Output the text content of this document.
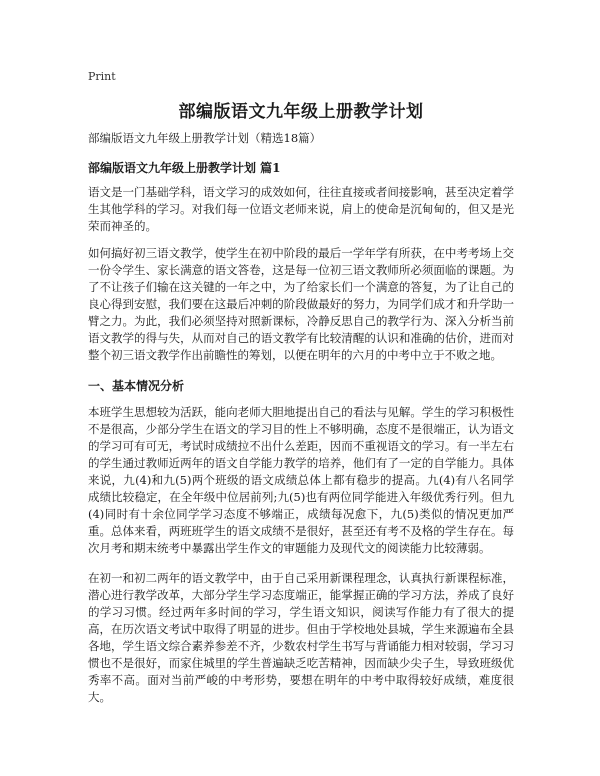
Print
部编版语文九年级上册教学计划
部编版语文九年级上册教学计划（精选18篇）
部编版语文九年级上册教学计划 篇1

语文是一门基础学科，语文学习的成效如何，往往直接或者间接影响，甚至决定着学生其他学科的学习。对我们每一位语文老师来说，肩上的使命是沉甸甸的，但又是光荣而神圣的。

如何搞好初三语文教学，使学生在初中阶段的最后一学年学有所获，在中考考场上交一份令学生、家长满意的语文答卷，这是每一位初三语文教师所必须面临的课题。为了不让孩子们输在这关键的一年之中，为了给家长们一个满意的答复，为了让自己的良心得到安慰，我们要在这最后冲刺的阶段做最好的努力，为同学们成才和升学助一臂之力。为此，我们必须坚持对照新课标，冷静反思自己的教学行为、深入分析当前语文教学的得与失，从而对自己的语文教学有比较清醒的认识和准确的估价，进而对整个初三语文教学作出前瞻性的筹划，以便在明年的六月的中考中立于不败之地。

一、基本情况分析

本班学生思想较为活跃，能向老师大胆地提出自己的看法与见解。学生的学习积极性不是很高，少部分学生在语文的学习目的性上不够明确，态度不是很端正，认为语文的学习可有可无，考试时成绩拉不出什么差距，因而不重视语文的学习。有一半左右的学生通过教师近两年的语文自学能力教学的培养，他们有了一定的自学能力。具体来说，九(4)和九(5)两个班级的语文成绩总体上都有稳步的提高。九(4)有八名同学成绩比较稳定，在全年级中位居前列;九(5)也有两位同学能进入年级优秀行列。但九(4)同时有十余位同学学习态度不够端正，成绩每况愈下，九(5)类似的情况更加严重。总体来看，两班班学生的语文成绩不是很好，甚至还有考不及格的学生存在。每次月考和期末统考中暴露出学生作文的审题能力及现代文的阅读能力比较薄弱。

在初一和初二两年的语文教学中，由于自己采用新课程理念，认真执行新课程标准，潜心进行教学改革，大部分学生学习态度端正，能掌握正确的学习方法，养成了良好的学习习惯。经过两年多时间的学习，学生语文知识，阅读写作能力有了很大的提高，在历次语文考试中取得了明显的进步。但由于学校地处县城，学生来源遍布全县各地，学生语文综合素养参差不齐，少数农村学生书写与背诵能力相对较弱，学习习惯也不是很好，而家住城里的学生普遍缺乏吃苦精神，因而缺少尖子生，导致班级优秀率不高。面对当前严峻的中考形势，要想在明年的中考中取得较好成绩，难度很大。
